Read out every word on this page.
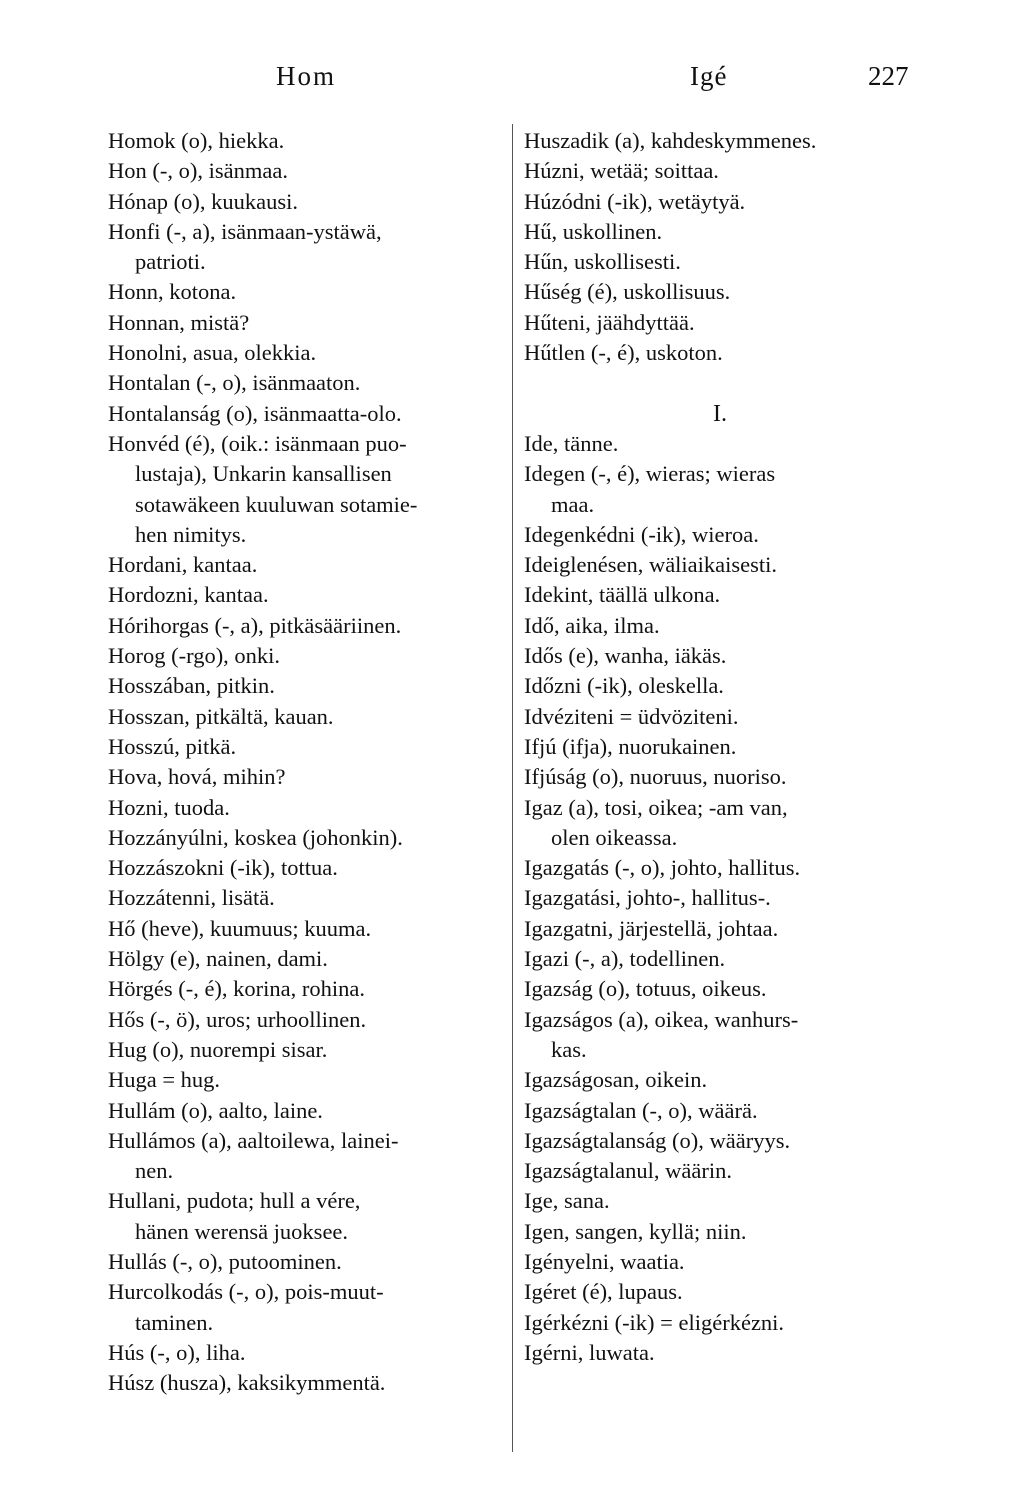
Hom	Igé	227
Homok (o), hiekka.
Hon (-, o), isänmaa.
Hónap (o), kuukausi.
Honfi (-, a), isänmaan-ystäwä,
patrioti.
Honn, kotona.
Honnan, mistä?
Honolni, asua, olekkia.
Hontalan (-, o), isänmaaton.
Hontalanság (o), isänmaatta-olo.
Honvéd (é), (oik.: isänmaan puo-
lustaja), Unkarin kansallisen
sotawäkeen kuuluwan sotamie-
hen nimitys.
Hordani, kantaa.
Hordozni, kantaa.
Hórihorgas (-, a), pitkäsääriinen.
Horog (-rgo), onki.
Hosszában, pitkin.
Hosszan, pitkältä, kauan.
Hosszú, pitkä.
Hova, hová, mihin?
Hozni, tuoda.
Hozzányúlni, koskea (johonkin).
Hozzászokni (-ik), tottua.
Hozzátenni, lisätä.
Hő (heve), kuumuus; kuuma.
Hölgy (e), nainen, dami.
Hörgés (-, é), korina, rohina.
Hős (-, ö), uros; urhoollinen.
Hug (o), nuorempi sisar.
Huga = hug.
Hullám (o), aalto, laine.
Hullámos (a), aaltoilewa, lainei-
nen.
Hullani, pudota; hull a vére,
hänen werensä juoksee.
Hullás (-, o), putoominen.
Hurcolkodás (-, o), pois-muut-
taminen.
Hús (-, o), liha.
Húsz (husza), kaksikymmentä.
Huszadik (a), kahdeskymmenes.
Húzni, wetää; soittaa.
Húzódni (-ik), wetäytyä.
Hű, uskollinen.
Hűn, uskollisesti.
Hűség (é), uskollisuus.
Hűteni, jäähdyttää.
Hűtlen (-, é), uskoton.
I.
Ide, tänne.
Idegen (-, é), wieras; wieras
maa.
Idegenkédni (-ik), wieroa.
Ideiglenésen, wäliaikaisesti.
Idekint, täällä ulkona.
Idő, aika, ilma.
Idős (e), wanha, iäkäs.
Időzni (-ik), oleskella.
Idvéziteni = üdvöziteni.
Ifjú (ifja), nuorukainen.
Ifjúság (o), nuoruus, nuoriso.
Igaz (a), tosi, oikea; -am van,
olen oikeassa.
Igazgatás (-, o), johto, hallitus.
Igazgatási, johto-, hallitus-.
Igazgatni, järjestellä, johtaa.
Igazi (-, a), todellinen.
Igazság (o), totuus, oikeus.
Igazságos (a), oikea, wanhurs-
kas.
Igazságosan, oikein.
Igazságtalan (-, o), wäärä.
Igazságtalanság (o), wääryys.
Igazságtalanul, wäärin.
Ige, sana.
Igen, sangen, kyllä; niin.
Igényelni, waatia.
Igéret (é), lupaus.
Igérkézni (-ik) = eligérkézni.
Igérni, luwata.
